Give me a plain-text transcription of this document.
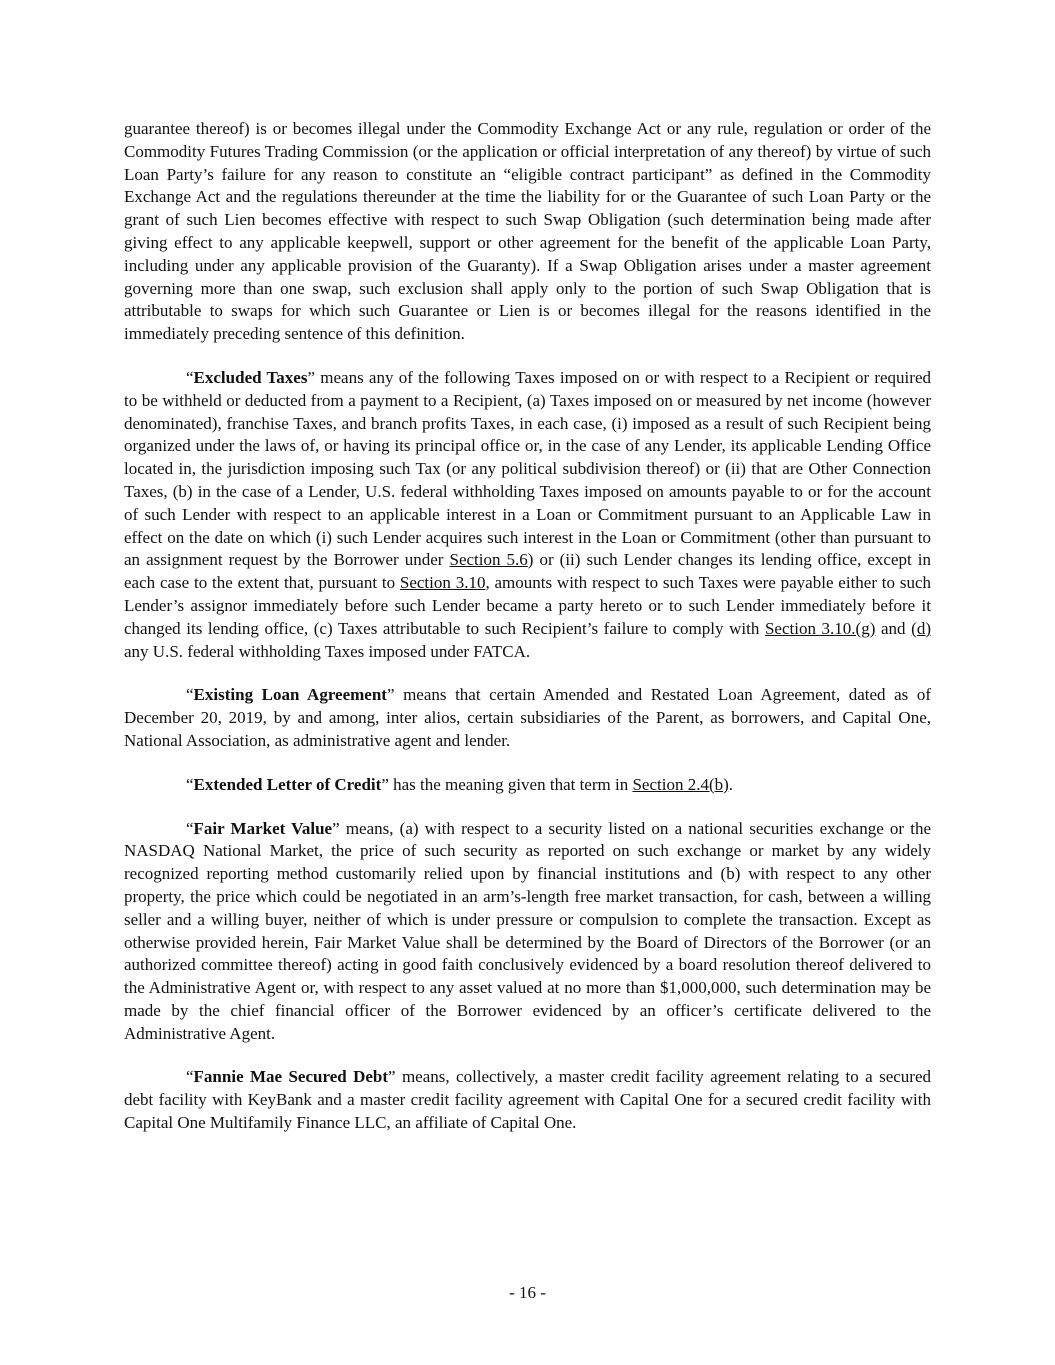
guarantee thereof) is or becomes illegal under the Commodity Exchange Act or any rule, regulation or order of the Commodity Futures Trading Commission (or the application or official interpretation of any thereof) by virtue of such Loan Party’s failure for any reason to constitute an “eligible contract participant” as defined in the Commodity Exchange Act and the regulations thereunder at the time the liability for or the Guarantee of such Loan Party or the grant of such Lien becomes effective with respect to such Swap Obligation (such determination being made after giving effect to any applicable keepwell, support or other agreement for the benefit of the applicable Loan Party, including under any applicable provision of the Guaranty). If a Swap Obligation arises under a master agreement governing more than one swap, such exclusion shall apply only to the portion of such Swap Obligation that is attributable to swaps for which such Guarantee or Lien is or becomes illegal for the reasons identified in the immediately preceding sentence of this definition.

“Excluded Taxes” means any of the following Taxes imposed on or with respect to a Recipient or required to be withheld or deducted from a payment to a Recipient, (a) Taxes imposed on or measured by net income (however denominated), franchise Taxes, and branch profits Taxes, in each case, (i) imposed as a result of such Recipient being organized under the laws of, or having its principal office or, in the case of any Lender, its applicable Lending Office located in, the jurisdiction imposing such Tax (or any political subdivision thereof) or (ii) that are Other Connection Taxes, (b) in the case of a Lender, U.S. federal withholding Taxes imposed on amounts payable to or for the account of such Lender with respect to an applicable interest in a Loan or Commitment pursuant to an Applicable Law in effect on the date on which (i) such Lender acquires such interest in the Loan or Commitment (other than pursuant to an assignment request by the Borrower under Section 5.6) or (ii) such Lender changes its lending office, except in each case to the extent that, pursuant to Section 3.10, amounts with respect to such Taxes were payable either to such Lender’s assignor immediately before such Lender became a party hereto or to such Lender immediately before it changed its lending office, (c) Taxes attributable to such Recipient’s failure to comply with Section 3.10.(g) and (d) any U.S. federal withholding Taxes imposed under FATCA.

“Existing Loan Agreement” means that certain Amended and Restated Loan Agreement, dated as of December 20, 2019, by and among, inter alios, certain subsidiaries of the Parent, as borrowers, and Capital One, National Association, as administrative agent and lender.

“Extended Letter of Credit” has the meaning given that term in Section 2.4(b).

“Fair Market Value” means, (a) with respect to a security listed on a national securities exchange or the NASDAQ National Market, the price of such security as reported on such exchange or market by any widely recognized reporting method customarily relied upon by financial institutions and (b) with respect to any other property, the price which could be negotiated in an arm’s-length free market transaction, for cash, between a willing seller and a willing buyer, neither of which is under pressure or compulsion to complete the transaction. Except as otherwise provided herein, Fair Market Value shall be determined by the Board of Directors of the Borrower (or an authorized committee thereof) acting in good faith conclusively evidenced by a board resolution thereof delivered to the Administrative Agent or, with respect to any asset valued at no more than $1,000,000, such determination may be made by the chief financial officer of the Borrower evidenced by an officer’s certificate delivered to the Administrative Agent.

“Fannie Mae Secured Debt” means, collectively, a master credit facility agreement relating to a secured debt facility with KeyBank and a master credit facility agreement with Capital One for a secured credit facility with Capital One Multifamily Finance LLC, an affiliate of Capital One.

- 16 -
